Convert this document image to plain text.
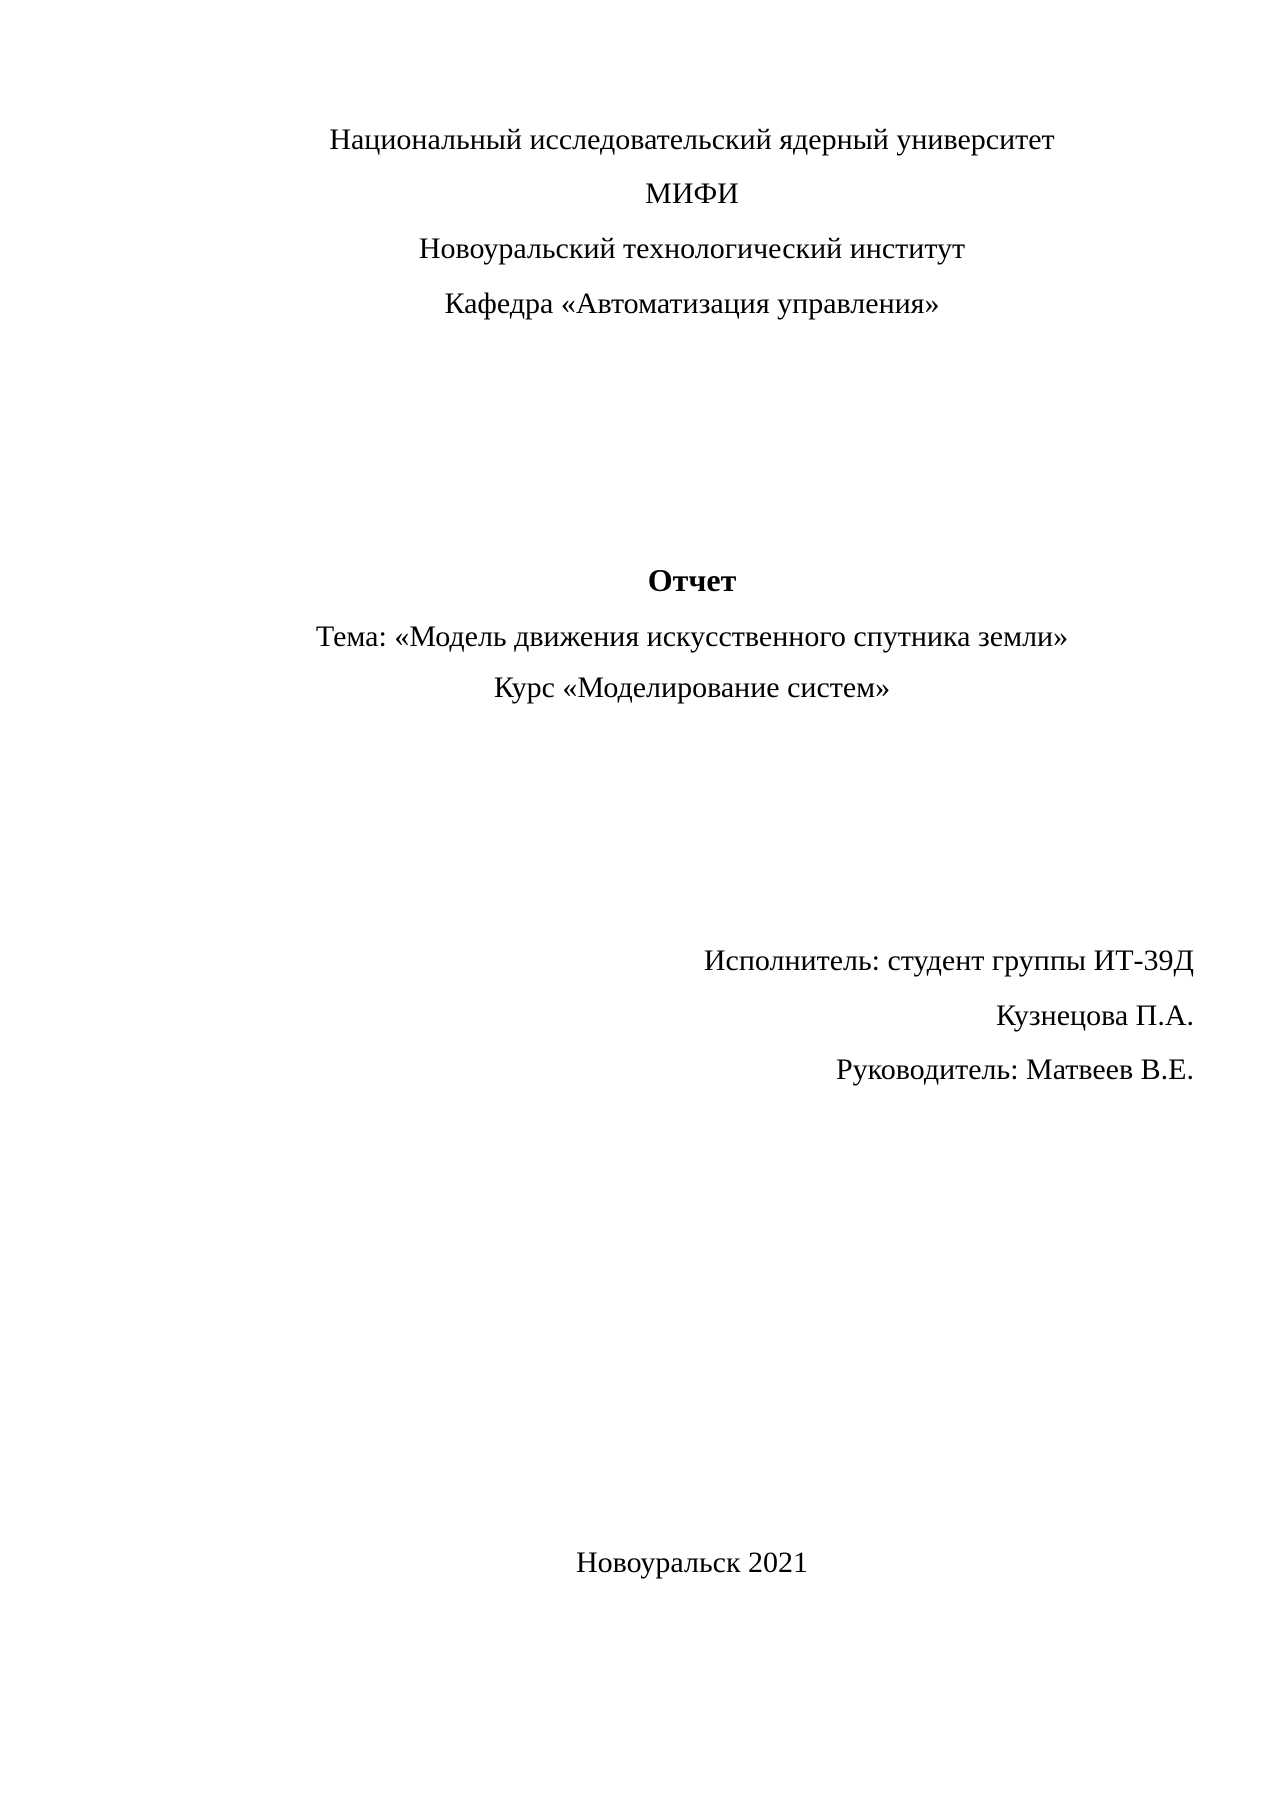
Национальный исследовательский ядерный университет
МИФИ
Новоуральский технологический институт
Кафедра «Автоматизация управления»
Отчет
Тема: «Модель движения искусственного спутника земли»
Курс «Моделирование систем»
Исполнитель: студент группы ИТ-39Д
Кузнецова П.А.
Руководитель: Матвеев В.Е.
Новоуральск 2021
